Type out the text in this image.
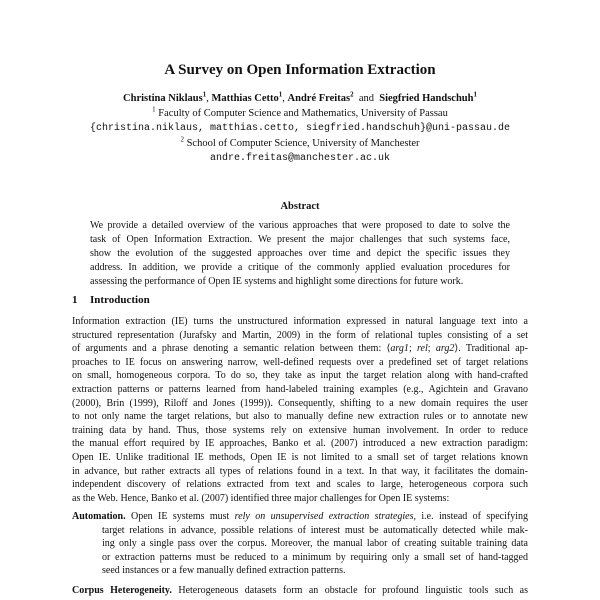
A Survey on Open Information Extraction
Christina Niklaus$^1$, Matthias Cetto$^1$, André Freitas$^2$  and  Siegfried Handschuh$^1$
$^1$ Faculty of Computer Science and Mathematics, University of Passau
{christina.niklaus, matthias.cetto, siegfried.handschuh}@uni-passau.de
$^2$ School of Computer Science, University of Manchester
andre.freitas@manchester.ac.uk
Abstract
We provide a detailed overview of the various approaches that were proposed to date to solve the
task of Open Information Extraction. We present the major challenges that such systems face,
show the evolution of the suggested approaches over time and depict the specific issues they
address. In addition, we provide a critique of the commonly applied evaluation procedures for
assessing the performance of Open IE systems and highlight some directions for future work.
1 Introduction
Information extraction (IE) turns the unstructured information expressed in natural language text into a
structured representation (Jurafsky and Martin, 2009) in the form of relational tuples consisting of a set
of arguments and a phrase denoting a semantic relation between them: ⟨arg1; rel; arg2⟩. Traditional ap-
proaches to IE focus on answering narrow, well-defined requests over a predefined set of target relations
on small, homogeneous corpora. To do so, they take as input the target relation along with hand-crafted
extraction patterns or patterns learned from hand-labeled training examples (e.g., Agichtein and Gravano
(2000), Brin (1999), Riloff and Jones (1999)). Consequently, shifting to a new domain requires the user
to not only name the target relations, but also to manually define new extraction rules or to annotate new
training data by hand. Thus, those systems rely on extensive human involvement. In order to reduce
the manual effort required by IE approaches, Banko et al. (2007) introduced a new extraction paradigm:
Open IE. Unlike traditional IE methods, Open IE is not limited to a small set of target relations known
in advance, but rather extracts all types of relations found in a text. In that way, it facilitates the domain-
independent discovery of relations extracted from text and scales to large, heterogeneous corpora such
as the Web. Hence, Banko et al. (2007) identified three major challenges for Open IE systems:
Automation. Open IE systems must rely on unsupervised extraction strategies, i.e. instead of specifying
target relations in advance, possible relations of interest must be automatically detected while mak-
ing only a single pass over the corpus. Moreover, the manual labor of creating suitable training data
or extraction patterns must be reduced to a minimum by requiring only a small set of hand-tagged
seed instances or a few manually defined extraction patterns.
Corpus Heterogeneity. Heterogeneous datasets form an obstacle for profound linguistic tools such as
